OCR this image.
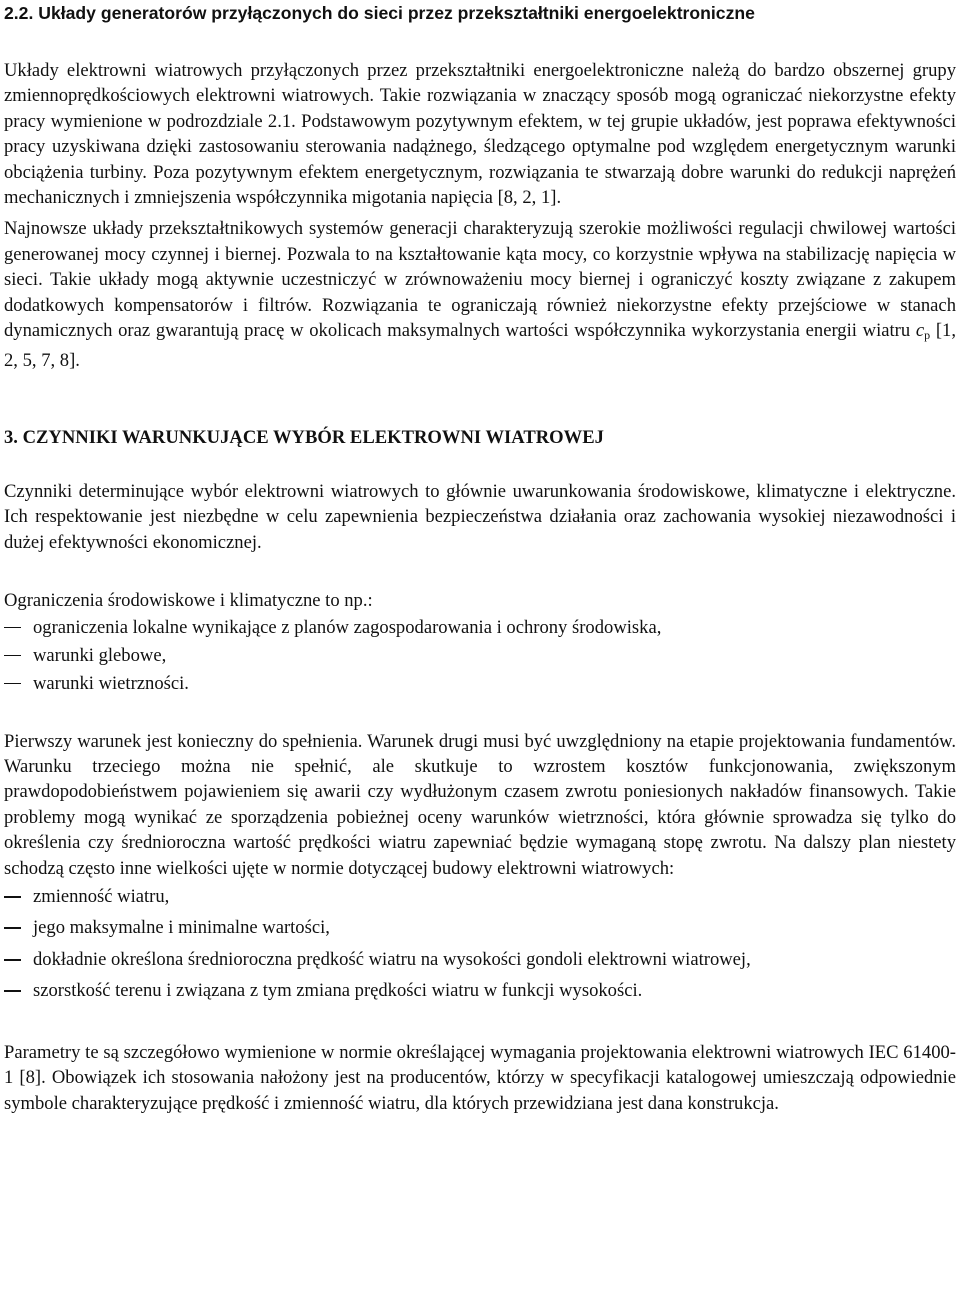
2.2. Układy generatorów przyłączonych do sieci przez przekształtniki energoelektroniczne

Układy elektrowni wiatrowych przyłączonych przez przekształtniki energoelektroniczne należą do bardzo obszernej grupy zmiennoprędkościowych elektrowni wiatrowych. Takie rozwiązania w znaczący sposób mogą ograniczać niekorzystne efekty pracy wymienione w podrozdziale 2.1. Podstawowym pozytywnym efektem, w tej grupie układów, jest poprawa efektywności pracy uzyskiwana dzięki zastosowaniu sterowania nadążnego, śledzącego optymalne pod względem energetycznym warunki obciążenia turbiny. Poza pozytywnym efektem energetycznym, rozwiązania te stwarzają dobre warunki do redukcji naprężeń mechanicznych i zmniejszenia współczynnika migotania napięcia [8, 2, 1].

Najnowsze układy przekształtnikowych systemów generacji charakteryzują szerokie możliwości regulacji chwilowej wartości generowanej mocy czynnej i biernej. Pozwala to na kształtowanie kąta mocy, co korzystnie wpływa na stabilizację napięcia w sieci. Takie układy mogą aktywnie uczestniczyć w zrównoważeniu mocy biernej i ograniczyć koszty związane z zakupem dodatkowych kompensatorów i filtrów. Rozwiązania te ograniczają również niekorzystne efekty przejściowe w stanach dynamicznych oraz gwarantują pracę w okolicach maksymalnych wartości współczynnika wykorzystania energii wiatru $c_p$ [1, 2, 5, 7, 8].

3. CZYNNIKI WARUNKUJĄCE WYBÓR ELEKTROWNI WIATROWEJ

Czynniki determinujące wybór elektrowni wiatrowych to głównie uwarunkowania środowiskowe, klimatyczne i elektryczne. Ich respektowanie jest niezbędne w celu zapewnienia bezpieczeństwa działania oraz zachowania wysokiej niezawodności i dużej efektywności ekonomicznej.

Ograniczenia środowiskowe i klimatyczne to np.:

ograniczenia lokalne wynikające z planów zagospodarowania i ochrony środowiska,
warunki glebowe,
warunki wietrzności.

Pierwszy warunek jest konieczny do spełnienia. Warunek drugi musi być uwzględniony na etapie projektowania fundamentów. Warunku trzeciego można nie spełnić, ale skutkuje to wzrostem kosztów funkcjonowania, zwiększonym prawdopodobieństwem pojawieniem się awarii czy wydłużonym czasem zwrotu poniesionych nakładów finansowych. Takie problemy mogą wynikać ze sporządzenia pobieżnej oceny warunków wietrzności, która głównie sprowadza się tylko do określenia czy średnioroczna wartość prędkości wiatru zapewniać będzie wymaganą stopę zwrotu. Na dalszy plan niestety schodzą często inne wielkości ujęte w normie dotyczącej budowy elektrowni wiatrowych:

zmienność wiatru,
jego maksymalne i minimalne wartości,
dokładnie określona średnioroczna prędkość wiatru na wysokości gondoli elektrowni wiatrowej,
szorstkość terenu i związana z tym zmiana prędkości wiatru w funkcji wysokości.

Parametry te są szczegółowo wymienione w normie określającej wymagania projektowania elektrowni wiatrowych IEC 61400-1 [8]. Obowiązek ich stosowania nałożony jest na producentów, którzy w specyfikacji katalogowej umieszczają odpowiednie symbole charakteryzujące prędkość i zmienność wiatru, dla których przewidziana jest dana konstrukcja.
